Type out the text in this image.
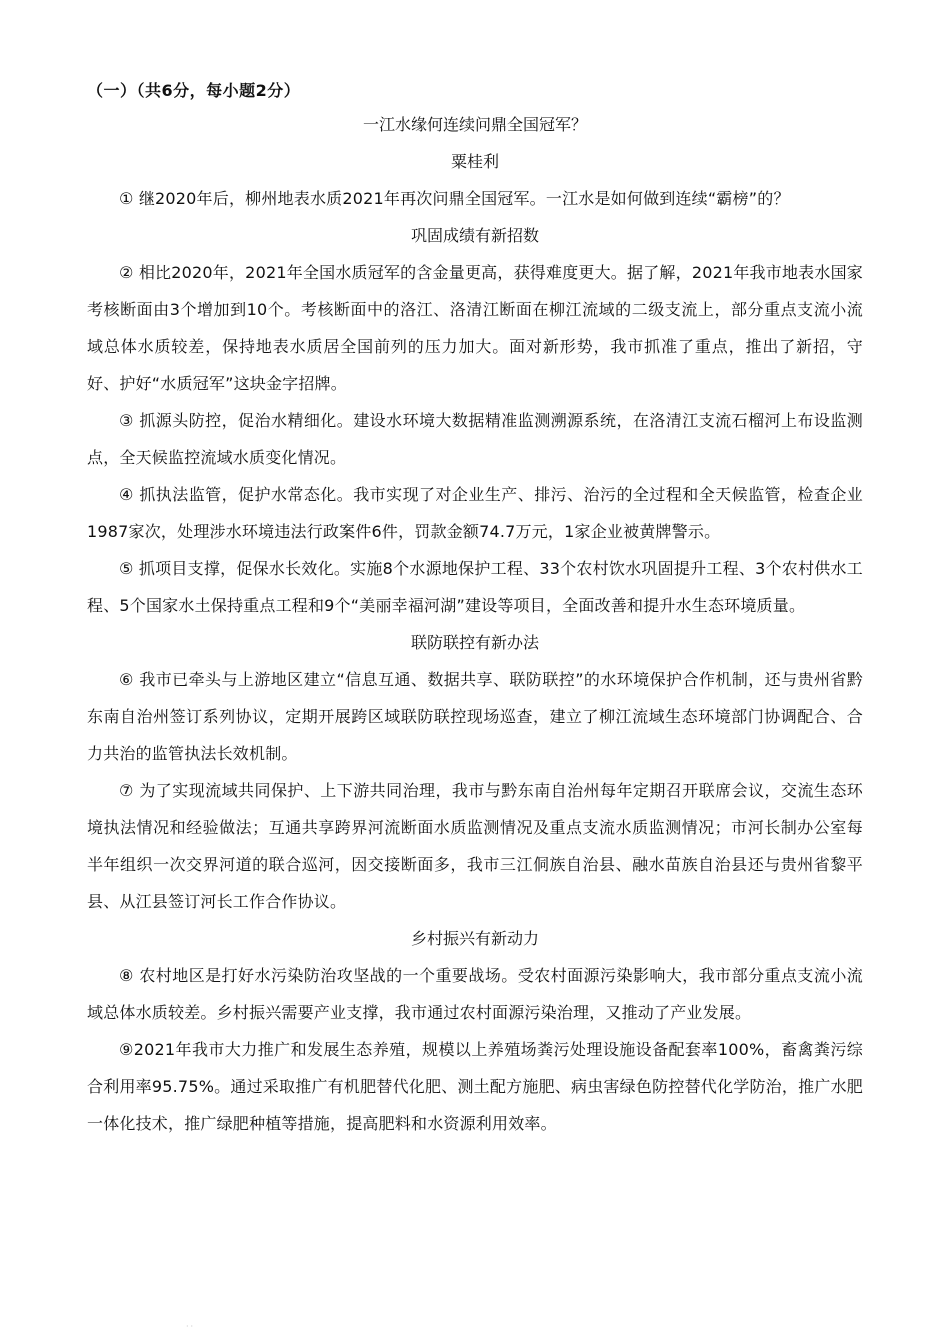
（一）（共6分，每小题2分）
一江水缘何连续问鼎全国冠军？
粟桂利

① 继2020年后，柳州地表水质2021年再次问鼎全国冠军。一江水是如何做到连续“霸榜”的？

巩固成绩有新招数

② 相比2020年，2021年全国水质冠军的含金量更高，获得难度更大。据了解，2021年我市地表水国家考核断面由3个增加到10个。考核断面中的洛江、洛清江断面在柳江流域的二级支流上，部分重点支流小流域总体水质较差，保持地表水质居全国前列的压力加大。面对新形势，我市抓准了重点，推出了新招，守好、护好“水质冠军”这块金字招牌。

③ 抓源头防控，促治水精细化。建设水环境大数据精准监测溯源系统，在洛清江支流石榴河上布设监测点，全天候监控流域水质变化情况。

④ 抓执法监管，促护水常态化。我市实现了对企业生产、排污、治污的全过程和全天候监管，检查企业1987家次，处理涉水环境违法行政案件6件，罚款金额74.7万元，1家企业被黄牌警示。

⑤ 抓项目支撑，促保水长效化。实施8个水源地保护工程、33个农村饮水巩固提升工程、3个农村供水工程、5个国家水土保持重点工程和9个“美丽幸福河湖”建设等项目，全面改善和提升水生态环境质量。

联防联控有新办法

⑥ 我市已牵头与上游地区建立“信息互通、数据共享、联防联控”的水环境保护合作机制，还与贵州省黔东南自治州签订系列协议，定期开展跨区域联防联控现场巡查，建立了柳江流域生态环境部门协调配合、合力共治的监管执法长效机制。

⑦ 为了实现流域共同保护、上下游共同治理，我市与黔东南自治州每年定期召开联席会议，交流生态环境执法情况和经验做法；互通共享跨界河流断面水质监测情况及重点支流水质监测情况；市河长制办公室每半年组织一次交界河道的联合巡河，因交接断面多，我市三江侗族自治县、融水苗族自治县还与贵州省黎平县、从江县签订河长工作合作协议。

乡村振兴有新动力

⑧ 农村地区是打好水污染防治攻坚战的一个重要战场。受农村面源污染影响大，我市部分重点支流小流域总体水质较差。乡村振兴需要产业支撑，我市通过农村面源污染治理，又推动了产业发展。

⑨2021年我市大力推广和发展生态养殖，规模以上养殖场粪污处理设施设备配套率100%，畜禽粪污综合利用率95.75%。通过采取推广有机肥替代化肥、测土配方施肥、病虫害绿色防控替代化学防治，推广水肥一体化技术，推广绿肥种植等措施，提高肥料和水资源利用效率。

··
